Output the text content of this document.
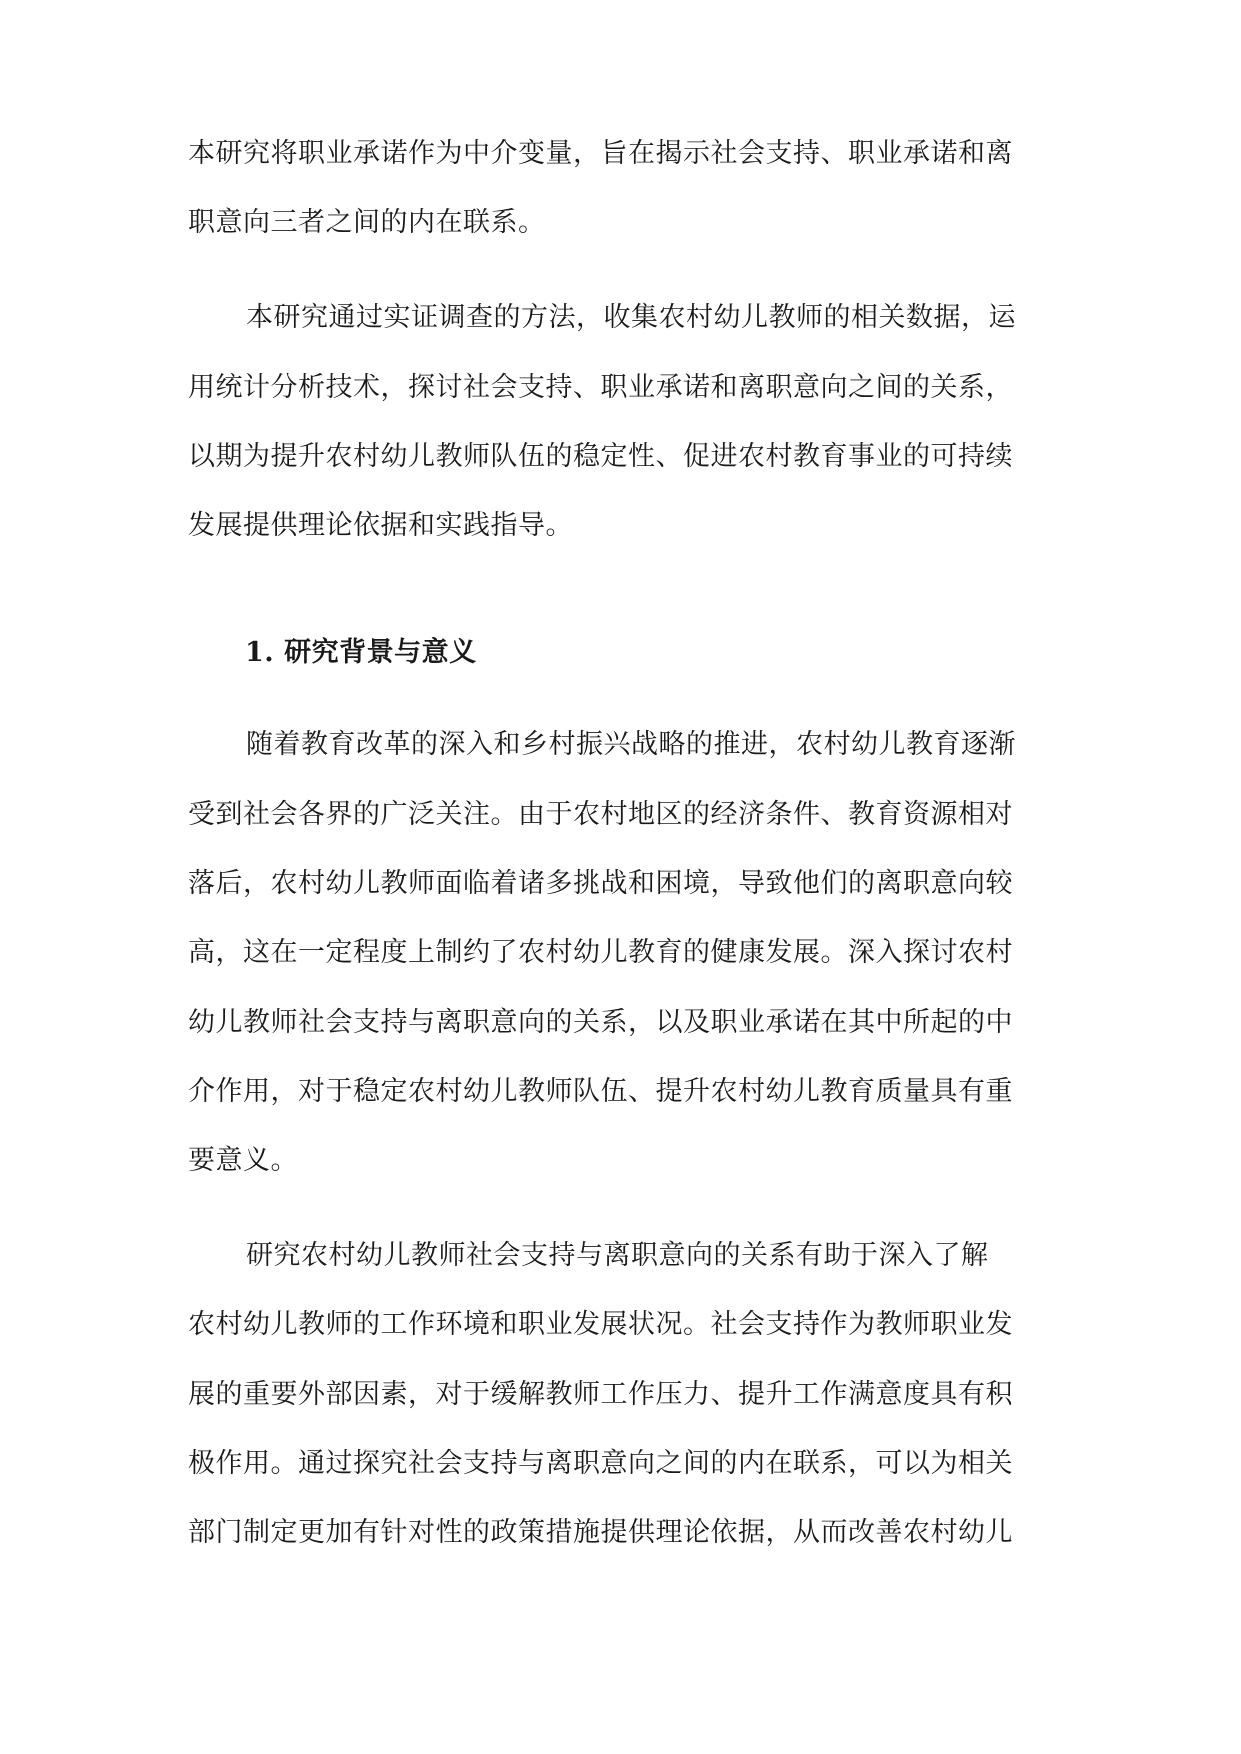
本研究将职业承诺作为中介变量，旨在揭示社会支持、职业承诺和离
职意向三者之间的内在联系。
本研究通过实证调查的方法，收集农村幼儿教师的相关数据，运
用统计分析技术，探讨社会支持、职业承诺和离职意向之间的关系，
以期为提升农村幼儿教师队伍的稳定性、促进农村教育事业的可持续
发展提供理论依据和实践指导。
1. 研究背景与意义
随着教育改革的深入和乡村振兴战略的推进，农村幼儿教育逐渐
受到社会各界的广泛关注。由于农村地区的经济条件、教育资源相对
落后，农村幼儿教师面临着诸多挑战和困境，导致他们的离职意向较
高，这在一定程度上制约了农村幼儿教育的健康发展。深入探讨农村
幼儿教师社会支持与离职意向的关系，以及职业承诺在其中所起的中
介作用，对于稳定农村幼儿教师队伍、提升农村幼儿教育质量具有重
要意义。
研究农村幼儿教师社会支持与离职意向的关系有助于深入了解
农村幼儿教师的工作环境和职业发展状况。社会支持作为教师职业发
展的重要外部因素，对于缓解教师工作压力、提升工作满意度具有积
极作用。通过探究社会支持与离职意向之间的内在联系，可以为相关
部门制定更加有针对性的政策措施提供理论依据，从而改善农村幼儿
